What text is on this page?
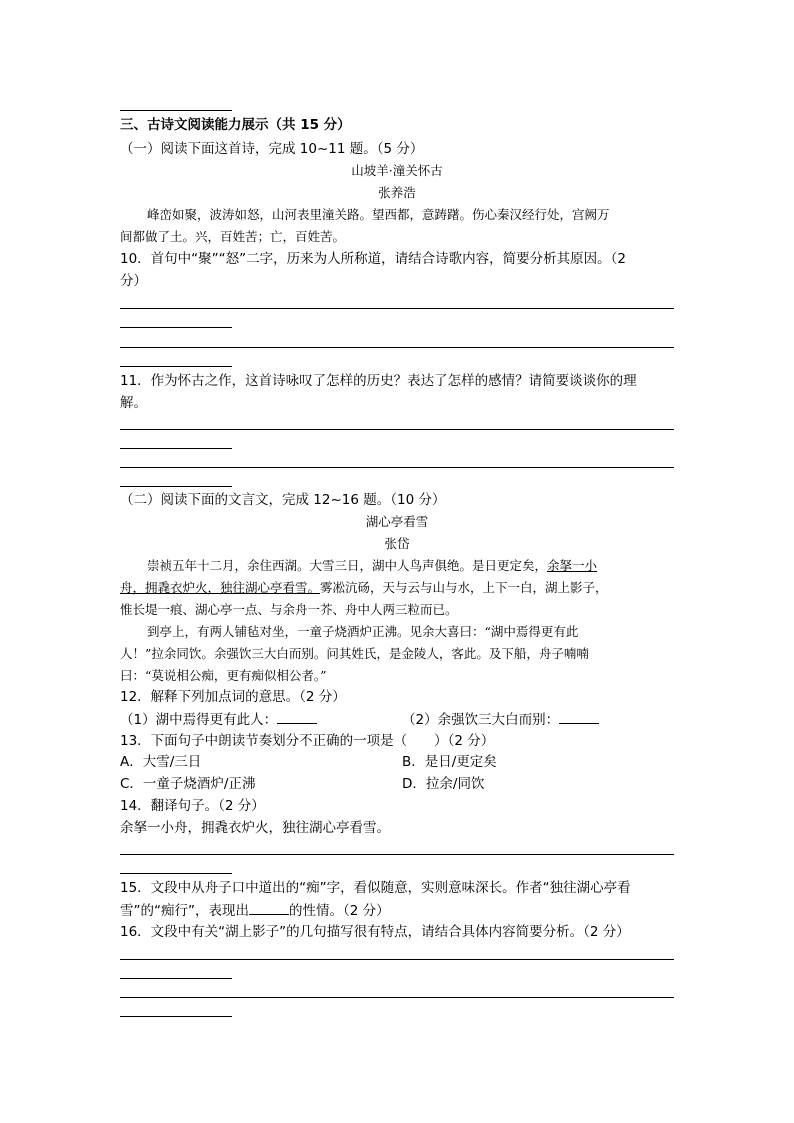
三、古诗文阅读能力展示（共 15 分）
（一）阅读下面这首诗，完成 10~11 题。（5 分）
山坡羊·潼关怀古
张养浩
峰峦如聚，波涛如怒，山河表里潼关路。望西都，意踌躇。伤心秦汉经行处，宫阙万
间都做了土。兴，百姓苦；亡，百姓苦。
10．首句中“聚”“怒”二字，历来为人所称道，请结合诗歌内容，简要分析其原因。（2
分）
11．作为怀古之作，这首诗咏叹了怎样的历史？表达了怎样的感情？请简要谈谈你的理
解。
（二）阅读下面的文言文，完成 12~16 题。（10 分）
湖心亭看雪
张岱
崇祯五年十二月，余住西湖。大雪三日，湖中人鸟声俱绝。是日更定矣，余拏一小
舟，拥毳衣炉火，独往湖心亭看雪。雾凇沆砀，天与云与山与水，上下一白，湖上影子，
惟长堤一痕、湖心亭一点、与余舟一芥、舟中人两三粒而已。
到亭上，有两人铺毡对坐，一童子烧酒炉正沸。见余大喜曰：“湖中焉得更有此
人！”拉余同饮。余强饮三大白而别。问其姓氏，是金陵人，客此。及下船，舟子喃喃
曰：“莫说相公痴，更有痴似相公者。”
12．解释下列加点词的意思。（2 分）
（1）湖中焉得更有此人：	（2）余强饮三大白而别：
13．下面句子中朗读节奏划分不正确的一项是（　　）（2 分）
A．大雪/三日	B．是日/更定矣
C．一童子烧酒炉/正沸	D．拉余/同饮
14．翻译句子。（2 分）
余拏一小舟，拥毳衣炉火，独往湖心亭看雪。
15．文段中从舟子口中道出的“痴”字，看似随意，实则意味深长。作者“独往湖心亭看
雪”的“痴行”，表现出	的性情。（2 分）
16．文段中有关“湖上影子”的几句描写很有特点，请结合具体内容简要分析。（2 分）
